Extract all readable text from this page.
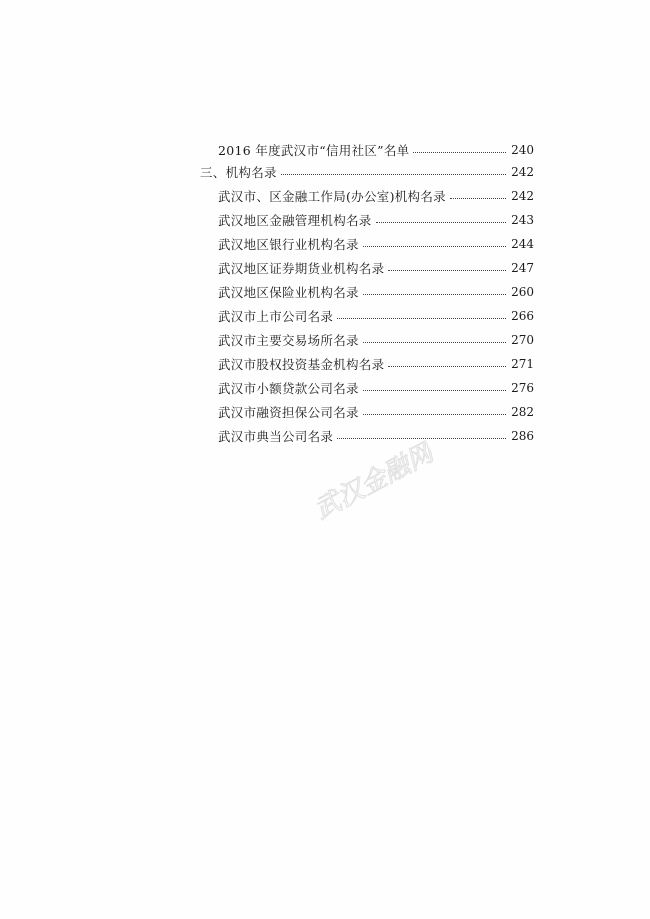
2016 年度武汉市“信用社区”名单	240
三、机构名录	242
武汉市、区金融工作局(办公室)机构名录	242
武汉地区金融管理机构名录	243
武汉地区银行业机构名录	244
武汉地区证券期货业机构名录	247
武汉地区保险业机构名录	260
武汉市上市公司名录	266
武汉市主要交易场所名录	270
武汉市股权投资基金机构名录	271
武汉市小额贷款公司名录	276
武汉市融资担保公司名录	282
武汉市典当公司名录	286
武汉金融网
